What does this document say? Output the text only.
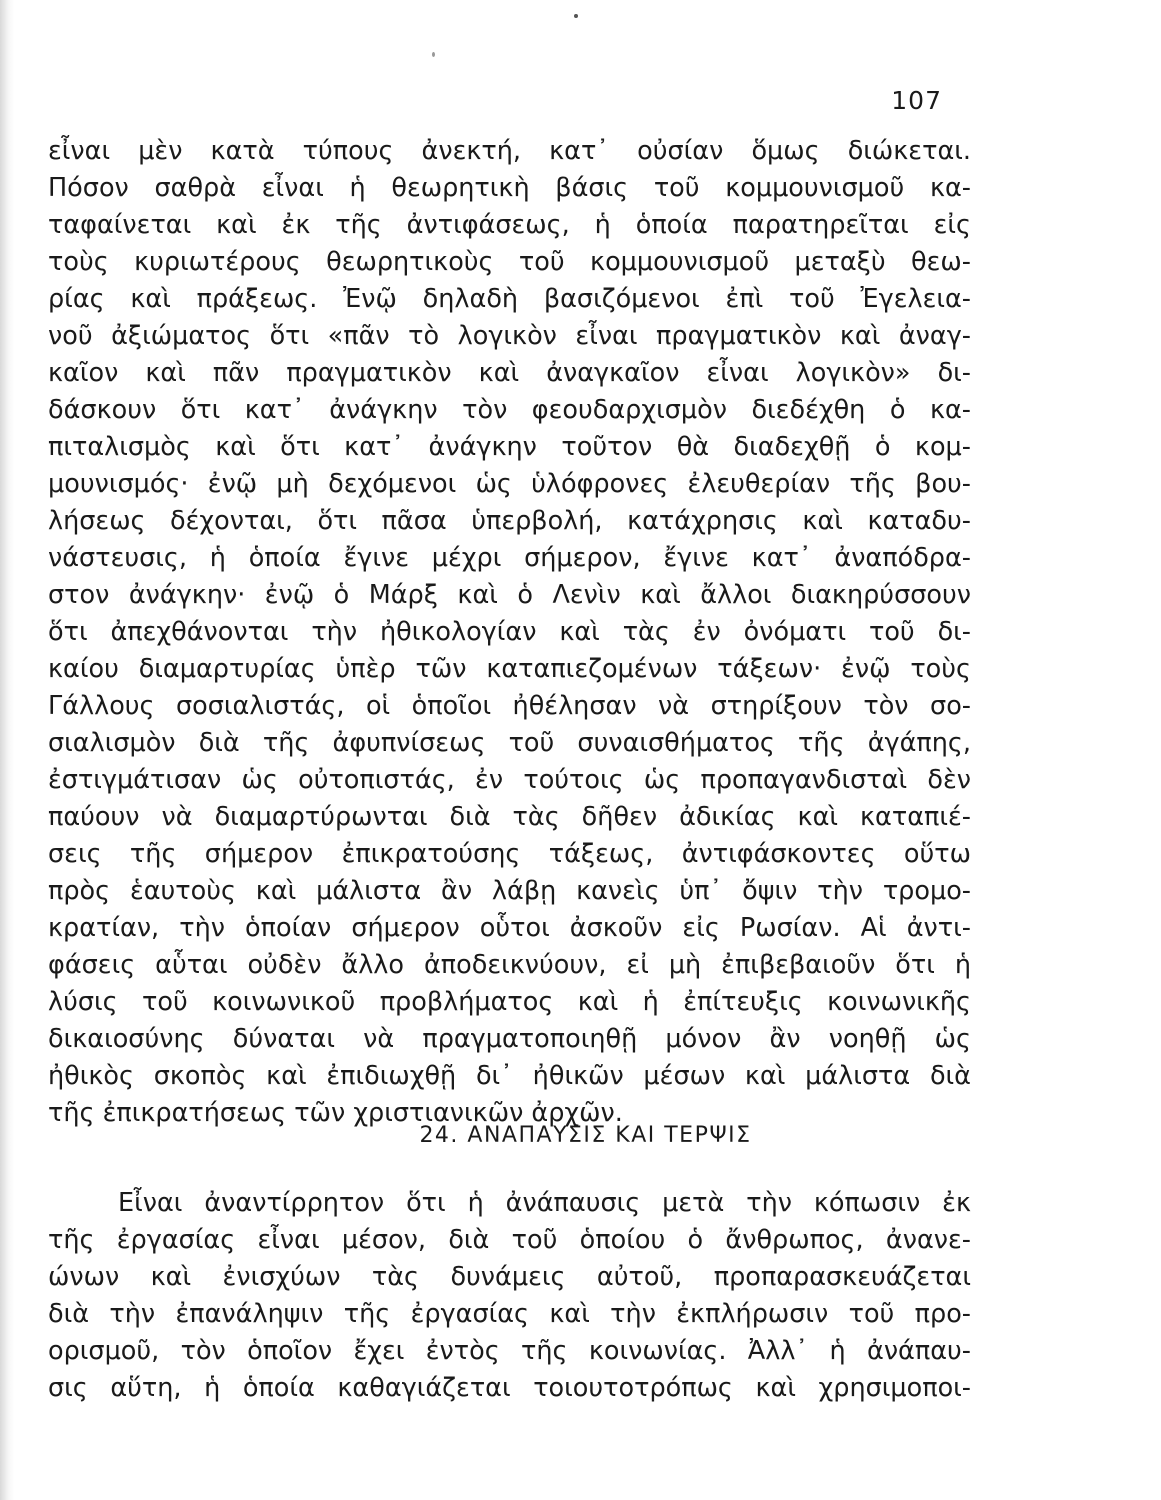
107
εἶναι μὲν κατὰ τύπους ἀνεκτή, κατ᾽ οὐσίαν ὅμως διώκεται.
Πόσον σαθρὰ εἶναι ἡ θεωρητικὴ βάσις τοῦ κομμουνισμοῦ κα-
ταφαίνεται καὶ ἐκ τῆς ἀντιφάσεως, ἡ ὁποία παρατηρεῖται εἰς
τοὺς κυριωτέρους θεωρητικοὺς τοῦ κομμουνισμοῦ μεταξὺ θεω-
ρίας καὶ πράξεως. Ἐνῷ δηλαδὴ βασιζόμενοι ἐπὶ τοῦ Ἐγελεια-
νοῦ ἀξιώματος ὅτι «πᾶν τὸ λογικὸν εἶναι πραγματικὸν καὶ ἀναγ-
καῖον καὶ πᾶν πραγματικὸν καὶ ἀναγκαῖον εἶναι λογικὸν» δι-
δάσκουν ὅτι κατ᾽ ἀνάγκην τὸν φεουδαρχισμὸν διεδέχθη ὁ κα-
πιταλισμὸς καὶ ὅτι κατ᾽ ἀνάγκην τοῦτον θὰ διαδεχθῇ ὁ κομ-
μουνισμός· ἐνῷ μὴ δεχόμενοι ὡς ὑλόφρονες ἐλευθερίαν τῆς βου-
λήσεως δέχονται, ὅτι πᾶσα ὑπερβολή, κατάχρησις καὶ καταδυ-
νάστευσις, ἡ ὁποία ἔγινε μέχρι σήμερον, ἔγινε κατ᾽ ἀναπόδρα-
στον ἀνάγκην· ἐνῷ ὁ Μάρξ καὶ ὁ Λενὶν καὶ ἄλλοι διακηρύσσουν
ὅτι ἀπεχθάνονται τὴν ἠθικολογίαν καὶ τὰς ἐν ὀνόματι τοῦ δι-
καίου διαμαρτυρίας ὑπὲρ τῶν καταπιεζομένων τάξεων· ἐνῷ τοὺς
Γάλλους σοσιαλιστάς, οἱ ὁποῖοι ἠθέλησαν νὰ στηρίξουν τὸν σο-
σιαλισμὸν διὰ τῆς ἀφυπνίσεως τοῦ συναισθήματος τῆς ἀγάπης,
ἐστιγμάτισαν ὡς οὐτοπιστάς, ἐν τούτοις ὡς προπαγανδισταὶ δὲν
παύουν νὰ διαμαρτύρωνται διὰ τὰς δῆθεν ἀδικίας καὶ καταπιέ-
σεις τῆς σήμερον ἐπικρατούσης τάξεως, ἀντιφάσκοντες οὕτω
πρὸς ἑαυτοὺς καὶ μάλιστα ἂν λάβῃ κανεὶς ὑπ᾽ ὄψιν τὴν τρομο-
κρατίαν, τὴν ὁποίαν σήμερον οὗτοι ἀσκοῦν εἰς Ρωσίαν. Αἱ ἀντι-
φάσεις αὗται οὐδὲν ἄλλο ἀποδεικνύουν, εἰ μὴ ἐπιβεβαιοῦν ὅτι ἡ
λύσις τοῦ κοινωνικοῦ προβλήματος καὶ ἡ ἐπίτευξις κοινωνικῆς
δικαιοσύνης δύναται νὰ πραγματοποιηθῇ μόνον ἂν νοηθῇ ὡς
ἠθικὸς σκοπὸς καὶ ἐπιδιωχθῇ δι᾽ ἠθικῶν μέσων καὶ μάλιστα διὰ
τῆς ἐπικρατήσεως τῶν χριστιανικῶν ἀρχῶν.
24. ΑΝΑΠΑΥΣΙΣ ΚΑΙ ΤΕΡΨΙΣ
Εἶναι ἀναντίρρητον ὅτι ἡ ἀνάπαυσις μετὰ τὴν κόπωσιν ἐκ
τῆς ἐργασίας εἶναι μέσον, διὰ τοῦ ὁποίου ὁ ἄνθρωπος, ἀνανε-
ώνων καὶ ἐνισχύων τὰς δυνάμεις αὐτοῦ, προπαρασκευάζεται
διὰ τὴν ἐπανάληψιν τῆς ἐργασίας καὶ τὴν ἐκπλήρωσιν τοῦ προ-
ορισμοῦ, τὸν ὁποῖον ἔχει ἐντὸς τῆς κοινωνίας. Ἀλλ᾽ ἡ ἀνάπαυ-
σις αὕτη, ἡ ὁποία καθαγιάζεται τοιουτοτρόπως καὶ χρησιμοποι-
